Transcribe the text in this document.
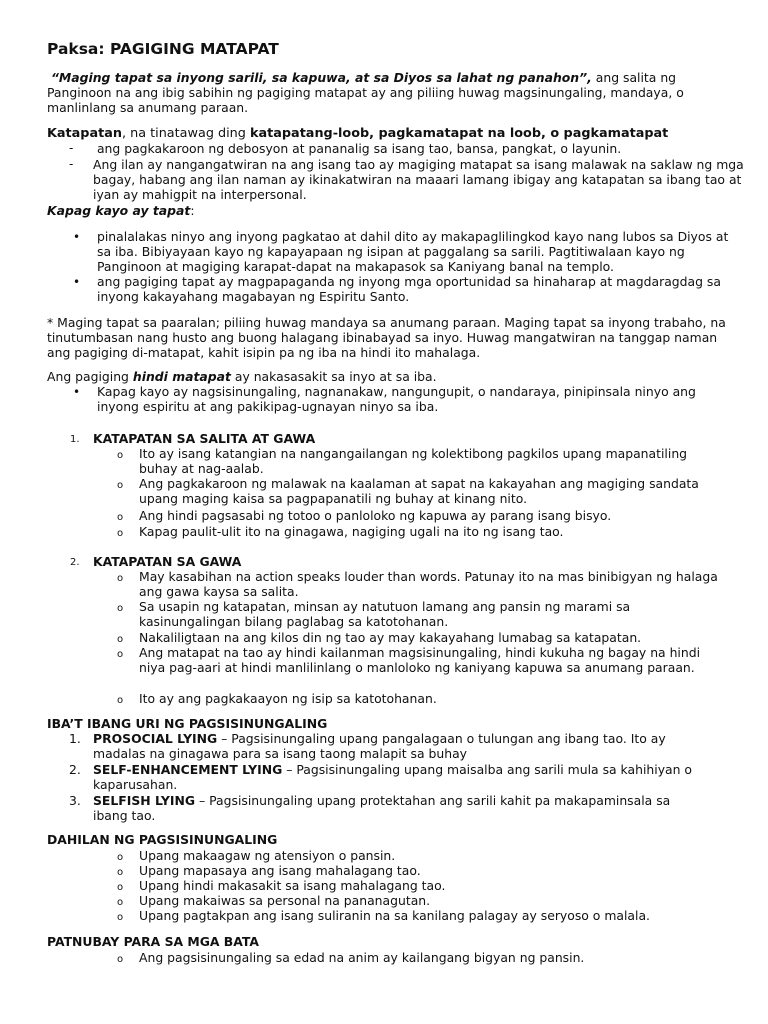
Paksa: PAGIGING MATAPAT
“Maging tapat sa inyong sarili, sa kapuwa, at sa Diyos sa lahat ng panahon”, ang salita ng Panginoon na ang ibig sabihin ng pagiging matapat ay ang piliing huwag magsinungaling, mandaya, o manlinlang sa anumang paraan.
Katapatan, na tinatawag ding katapatang-loob, pagkamatapat na loob, o pagkamatapat
-	ang pagkakaroon ng debosyon at pananalig sa isang tao, bansa, pangkat, o layunin.
- Ang ilan ay nangangatwiran na ang isang tao ay magiging matapat sa isang malawak na saklaw ng mga bagay, habang ang ilan naman ay ikinakatwiran na maaari lamang ibigay ang katapatan sa ibang tao at iyan ay mahigpit na interpersonal.
Kapag kayo ay tapat:
• pinalalakas ninyo ang inyong pagkatao at dahil dito ay makapaglilingkod kayo nang lubos sa Diyos at sa iba. Bibiyayaan kayo ng kapayapaan ng isipan at paggalang sa sarili. Pagtitiwalaan kayo ng Panginoon at magiging karapat-dapat na makapasok sa Kaniyang banal na templo.
• ang pagiging tapat ay magpapaganda ng inyong mga oportunidad sa hinaharap at magdaragdag sa inyong kakayahang magabayan ng Espiritu Santo.
* Maging tapat sa paaralan; piliing huwag mandaya sa anumang paraan. Maging tapat sa inyong trabaho, na tinutumbasan nang husto ang buong halagang ibinabayad sa inyo. Huwag mangatwiran na tanggap naman ang pagiging di-matapat, kahit isipin pa ng iba na hindi ito mahalaga.
Ang pagiging hindi matapat ay nakasasakit sa inyo at sa iba.
• Kapag kayo ay nagsisinungaling, nagnanakaw, nangungupit, o nandaraya, pinipinsala ninyo ang inyong espiritu at ang pakikipag-ugnayan ninyo sa iba.
1. KATAPATAN SA SALITA AT GAWA
o Ito ay isang katangian na nangangailangan ng kolektibong pagkilos upang mapanatiling buhay at nag-aalab.
o Ang pagkakaroon ng malawak na kaalaman at sapat na kakayahan ang magiging sandata upang maging kaisa sa pagpapanatili ng buhay at kinang nito.
o Ang hindi pagsasabi ng totoo o panloloko ng kapuwa ay parang isang bisyo.
o Kapag paulit-ulit ito na ginagawa, nagiging ugali na ito ng isang tao.
2. KATAPATAN SA GAWA
o May kasabihan na action speaks louder than words. Patunay ito na mas binibigyan ng halaga ang gawa kaysa sa salita.
o Sa usapin ng katapatan, minsan ay natutuon lamang ang pansin ng marami sa kasinungalingan bilang paglabag sa katotohanan.
o Nakaliligtaan na ang kilos din ng tao ay may kakayahang lumabag sa katapatan.
o Ang matapat na tao ay hindi kailanman magsisinungaling, hindi kukuha ng bagay na hindi niya pag-aari at hindi manlilinlang o manloloko ng kaniyang kapuwa sa anumang paraan.
o Ito ay ang pagkakaayon ng isip sa katotohanan.
IBA’T IBANG URI NG PAGSISINUNGALING
1. PROSOCIAL LYING – Pagsisinungaling upang pangalagaan o tulungan ang ibang tao. Ito ay madalas na ginagawa para sa isang taong malapit sa buhay
2. SELF-ENHANCEMENT LYING – Pagsisinungaling upang maisalba ang sarili mula sa kahihiyan o kaparusahan.
3. SELFISH LYING – Pagsisinungaling upang protektahan ang sarili kahit pa makapaminsala sa ibang tao.
DAHILAN NG PAGSISINUNGALING
o Upang makaagaw ng atensiyon o pansin.
o Upang mapasaya ang isang mahalagang tao.
o Upang hindi makasakit sa isang mahalagang tao.
o Upang makaiwas sa personal na pananagutan.
o Upang pagtakpan ang isang suliranin na sa kanilang palagay ay seryoso o malala.
PATNUBAY PARA SA MGA BATA
o Ang pagsisinungaling sa edad na anim ay kailangang bigyan ng pansin.
